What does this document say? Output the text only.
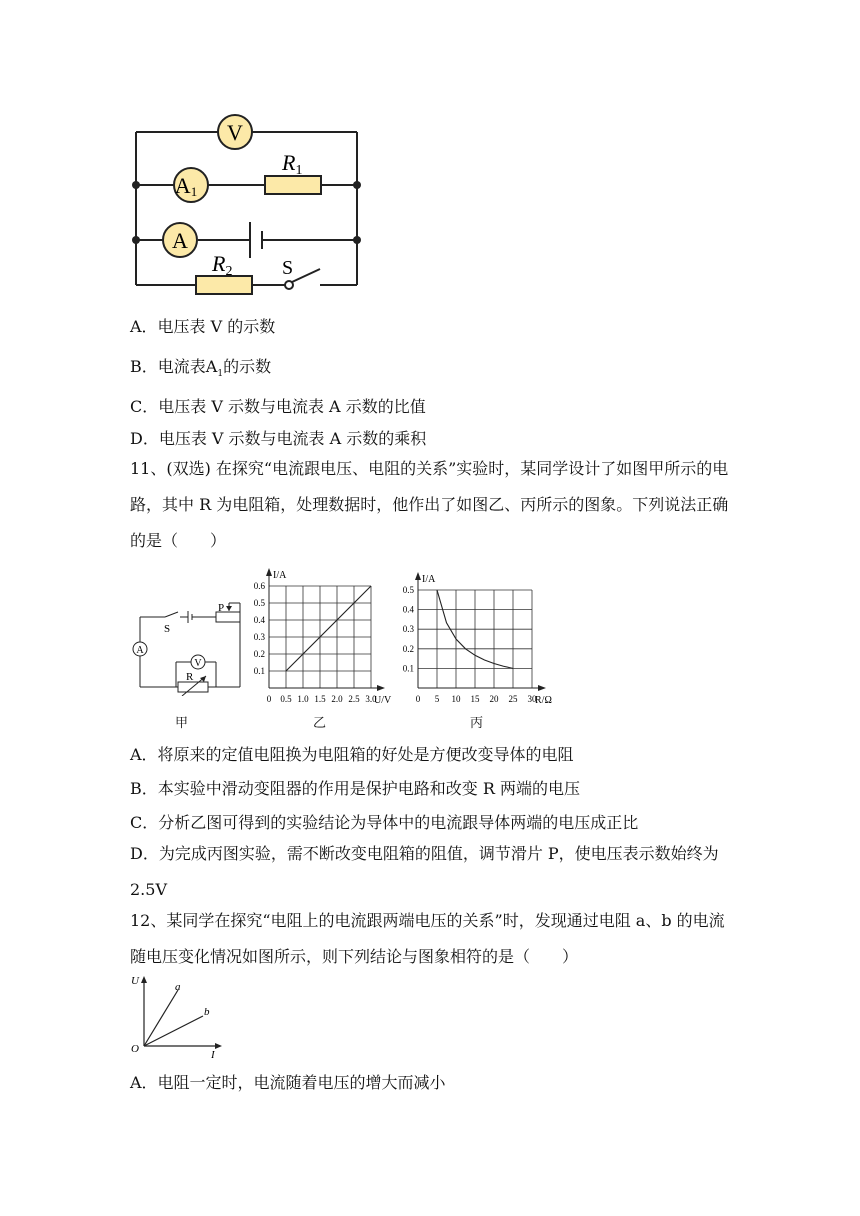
V
A1
A
R1
R2 S
A．电压表 V 的示数
B．电流表$A_1$的示数
C．电压表 V 示数与电流表 A 示数的比值
D．电压表 V 示数与电流表 A 示数的乘积
11、(双选) 在探究“电流跟电压、电阻的关系”实验时，某同学设计了如图甲所示的电路，其中 R 为电阻箱，处理数据时，他作出了如图乙、丙所示的图象。下列说法正确的是（　　）
S
P
A
V
R
甲
0 0.5 1.0 1.5 2.0 2.5 3.0
0.1
0.2
0.3
0.4
0.5
0.6
U/V
I/A
乙
0 5 10 15 20 25 30
0.1
0.2
0.3
0.4
0.5
R/Ω
I/A
丙
A．将原来的定值电阻换为电阻箱的好处是方便改变导体的电阻
B．本实验中滑动变阻器的作用是保护电路和改变 R 两端的电压
C．分析乙图可得到的实验结论为导体中的电流跟导体两端的电压成正比
D．为完成丙图实验，需不断改变电阻箱的阻值，调节滑片 P，使电压表示数始终为 2.5V
12、某同学在探究“电阻上的电流跟两端电压的关系”时，发现通过电阻 a、b 的电流随电压变化情况如图所示，则下列结论与图象相符的是（　　）
U
I
O
a
b
A．电阻一定时，电流随着电压的增大而减小
